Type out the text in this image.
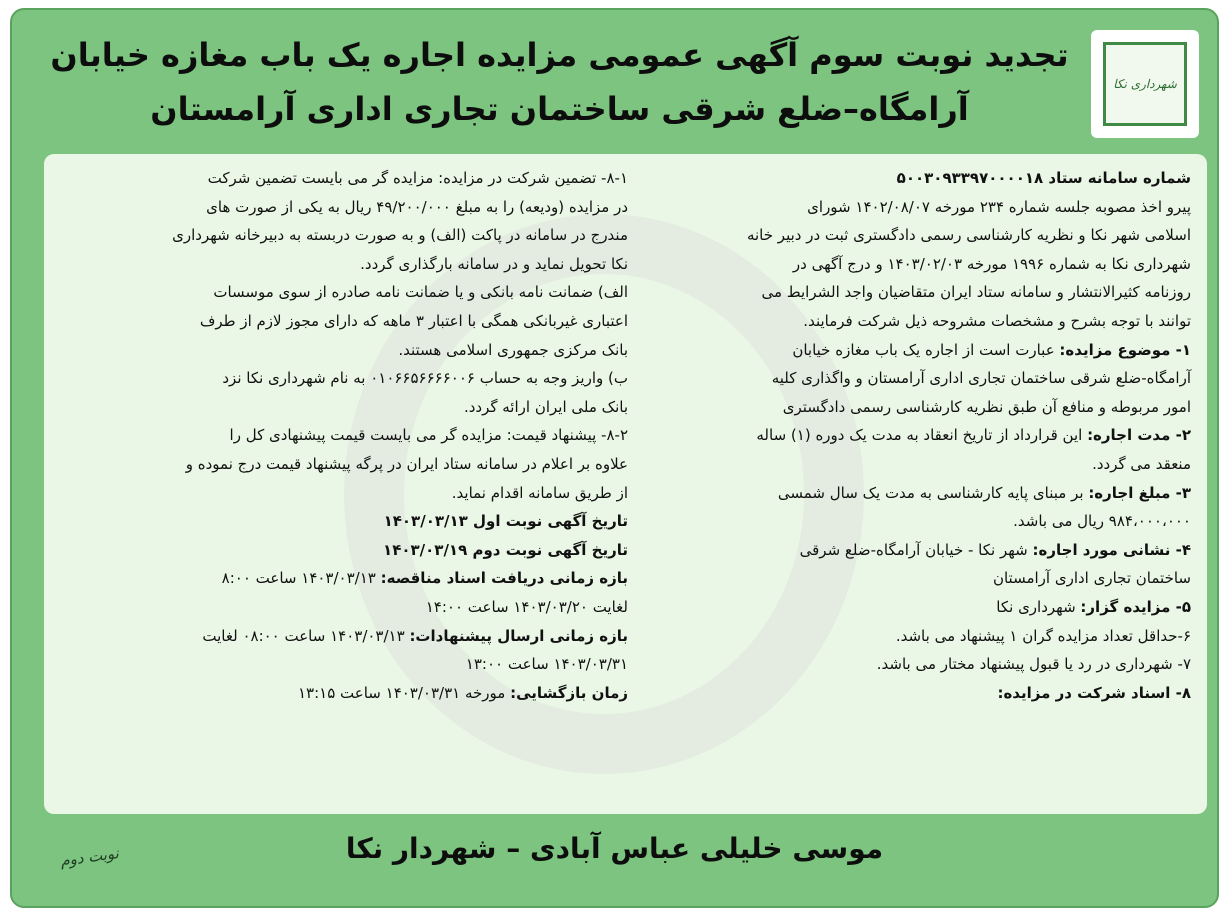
شهرداری نکا
تجدید نوبت سوم آگهی عمومی مزایده اجاره یک باب مغازه خیابان
آرامگاه–ضلع شرقی ساختمان تجاری اداری آرامستان
شماره سامانه ستاد ۵۰۰۳۰۹۳۳۹۷۰۰۰۰۱۸
پیرو اخذ مصوبه جلسه شماره ۲۳۴ مورخه ۱۴۰۲/۰۸/۰۷ شورای
اسلامی شهر نکا و نظریه کارشناسی رسمی دادگستری ثبت در دبیر خانه
شهرداری نکا به شماره ۱۹۹۶ مورخه ۱۴۰۳/۰۲/۰۳ و درج آگهی در
روزنامه کثیرالانتشار و سامانه ستاد ایران متقاضیان واجد الشرایط می
توانند با توجه بشرح و مشخصات مشروحه ذیل شرکت فرمایند.
۱- موضوع مزایده: عبارت است از اجاره یک باب مغازه خیابان
آرامگاه-ضلع شرقی ساختمان تجاری اداری آرامستان و واگذاری کلیه
امور مربوطه و منافع آن طبق نظریه کارشناسی رسمی دادگستری
۲- مدت اجاره: این قرارداد از تاریخ انعقاد به مدت یک دوره (۱) ساله
منعقد می گردد.
۳- مبلغ اجاره: بر مبنای پایه کارشناسی به مدت یک سال شمسی
۹۸۴،۰۰۰،۰۰۰ ریال می باشد.
۴- نشانی مورد اجاره: شهر نکا - خیابان آرامگاه-ضلع شرقی
ساختمان تجاری اداری آرامستان
۵- مزایده گزار: شهرداری نکا
۶-حداقل تعداد مزایده گران ۱ پیشنهاد می باشد.
۷- شهرداری در رد یا قبول پیشنهاد مختار می باشد.
۸- اسناد شرکت در مزایده:
۸-۱- تضمین شرکت در مزایده: مزایده گر می بایست تضمین شرکت
در مزایده (ودیعه) را به مبلغ ۴۹/۲۰۰/۰۰۰ ریال به یکی از صورت های
مندرج در سامانه در پاکت (الف) و به صورت دربسته به دبیرخانه شهرداری
نکا تحویل نماید و در سامانه بارگذاری گردد.
الف) ضمانت نامه بانکی و یا ضمانت نامه صادره از سوی موسسات
اعتباری غیربانکی همگی با اعتبار ۳ ماهه که دارای مجوز لازم از طرف
بانک مرکزی جمهوری اسلامی هستند.
ب) واریز وجه به حساب ۰۱۰۶۶۵۶۶۶۶۰۰۶ به نام شهرداری نکا نزد
بانک ملی ایران ارائه گردد.
۸-۲- پیشنهاد قیمت: مزایده گر می بایست قیمت پیشنهادی کل را
علاوه بر اعلام در سامانه ستاد ایران در پرگه پیشنهاد قیمت درج نموده و
از طریق سامانه اقدام نماید.
تاریخ آگهی نوبت اول ۱۴۰۳/۰۳/۱۳
تاریخ آگهی نوبت دوم ۱۴۰۳/۰۳/۱۹
بازه زمانی دریافت اسناد مناقصه: ۱۴۰۳/۰۳/۱۳ ساعت ۸:۰۰
لغایت ۱۴۰۳/۰۳/۲۰ ساعت ۱۴:۰۰
بازه زمانی ارسال پیشنهادات: ۱۴۰۳/۰۳/۱۳ ساعت ۰۸:۰۰ لغایت
۱۴۰۳/۰۳/۳۱ ساعت ۱۳:۰۰
زمان بازگشایی: مورخه ۱۴۰۳/۰۳/۳۱ ساعت ۱۳:۱۵
موسی خلیلی عباس آبادی – شهردار نکا
نوبت دوم
